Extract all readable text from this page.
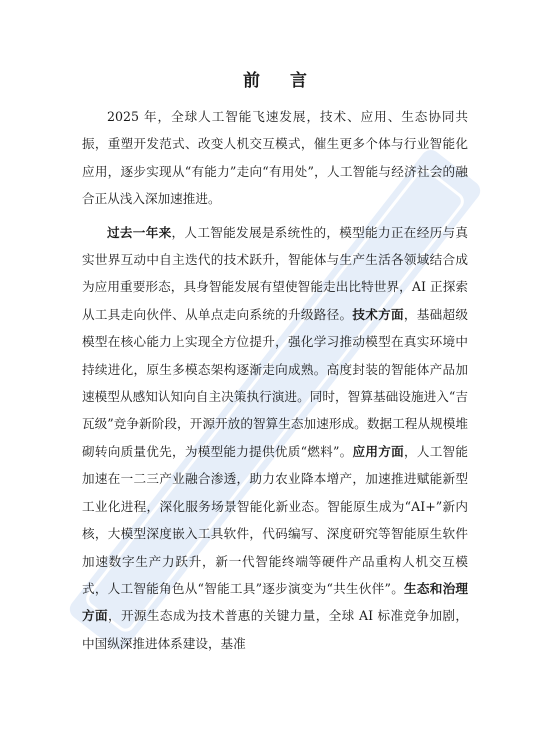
前 言

2025 年，全球人工智能飞速发展，技术、应用、生态协同共振，重塑开发范式、改变人机交互模式，催生更多个体与行业智能化应用，逐步实现从“有能力”走向“有用处”，人工智能与经济社会的融合正从浅入深加速推进。

过去一年来，人工智能发展是系统性的，模型能力正在经历与真实世界互动中自主迭代的技术跃升，智能体与生产生活各领域结合成为应用重要形态，具身智能发展有望使智能走出比特世界，AI 正探索从工具走向伙伴、从单点走向系统的升级路径。技术方面，基础超级模型在核心能力上实现全方位提升，强化学习推动模型在真实环境中持续进化，原生多模态架构逐渐走向成熟。高度封装的智能体产品加速模型从感知认知向自主决策执行演进。同时，智算基础设施进入“吉瓦级”竞争新阶段，开源开放的智算生态加速形成。数据工程从规模堆砌转向质量优先，为模型能力提供优质“燃料”。应用方面，人工智能加速在一二三产业融合渗透，助力农业降本增产，加速推进赋能新型工业化进程，深化服务场景智能化新业态。智能原生成为“AI+”新内核，大模型深度嵌入工具软件，代码编写、深度研究等智能原生软件加速数字生产力跃升，新一代智能终端等硬件产品重构人机交互模式，人工智能角色从“智能工具”逐步演变为“共生伙伴”。生态和治理方面，开源生态成为技术普惠的关键力量，全球 AI 标准竞争加剧，中国纵深推进体系建设，基准
